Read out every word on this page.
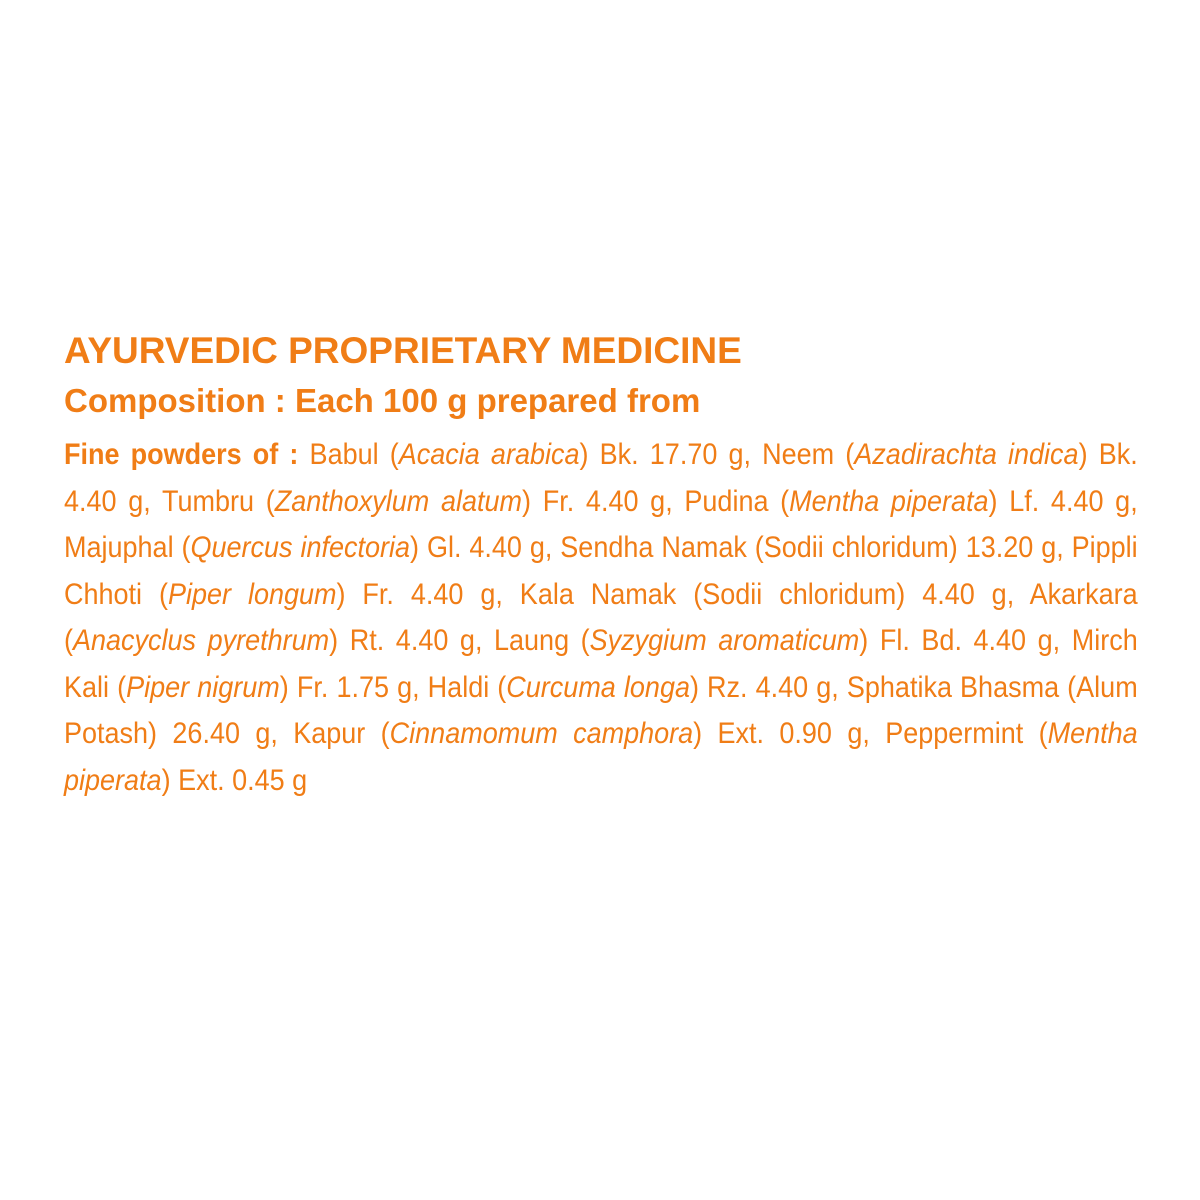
AYURVEDIC PROPRIETARY MEDICINE
Composition : Each 100 g prepared from

Fine powders of : Babul (Acacia arabica) Bk. 17.70 g, Neem (Azadirachta indica) Bk. 4.40 g, Tumbru (Zanthoxylum alatum) Fr. 4.40 g, Pudina (Mentha piperata) Lf. 4.40 g, Majuphal (Quercus infectoria) Gl. 4.40 g, Sendha Namak (Sodii chloridum) 13.20 g, Pippli Chhoti (Piper longum) Fr. 4.40 g, Kala Namak (Sodii chloridum) 4.40 g, Akarkara (Anacyclus pyrethrum) Rt. 4.40 g, Laung (Syzygium aromaticum) Fl. Bd. 4.40 g, Mirch Kali (Piper nigrum) Fr. 1.75 g, Haldi (Curcuma longa) Rz. 4.40 g, Sphatika Bhasma (Alum Potash) 26.40 g, Kapur (Cinnamomum camphora) Ext. 0.90 g, Peppermint (Mentha piperata) Ext. 0.45 g
